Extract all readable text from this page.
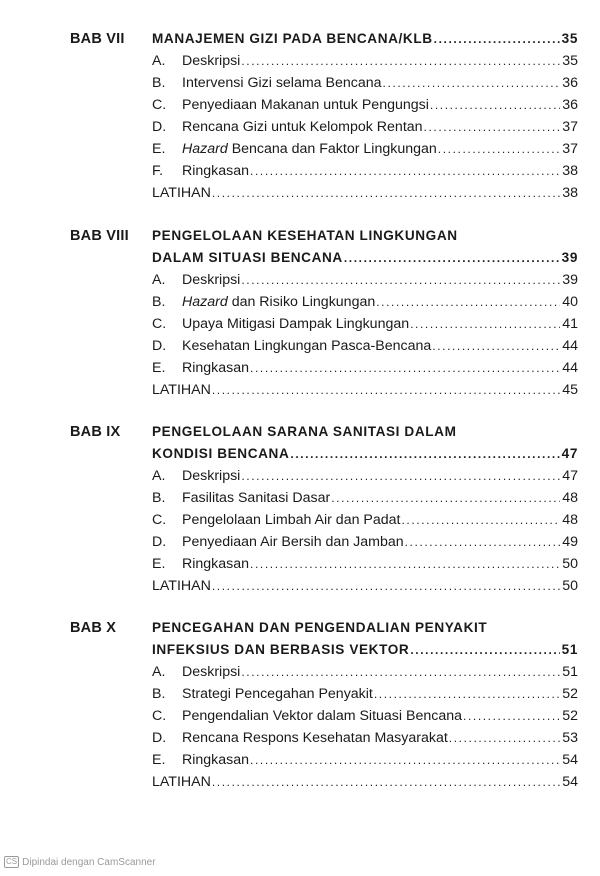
BAB VII MANAJEMEN GIZI PADA BENCANA/KLB .....	35
A.	Deskripsi .....	35
B.	Intervensi Gizi selama Bencana .....	36
C.	Penyediaan Makanan untuk Pengungsi .....	36
D.	Rencana Gizi untuk Kelompok Rentan .....	37
E.	Hazard Bencana dan Faktor Lingkungan .....	37
F.	Ringkasan .....	38
LATIHAN .....	38
BAB VIII PENGELOLAAN KESEHATAN LINGKUNGAN
DALAM SITUASI BENCANA .....	39
A.	Deskripsi .....	39
B.	Hazard dan Risiko Lingkungan .....	40
C.	Upaya Mitigasi Dampak Lingkungan .....	41
D.	Kesehatan Lingkungan Pasca-Bencana .....	44
E.	Ringkasan .....	44
LATIHAN .....	45
BAB IX PENGELOLAAN SARANA SANITASI DALAM
KONDISI BENCANA .....	47
A.	Deskripsi .....	47
B.	Fasilitas Sanitasi Dasar .....	48
C.	Pengelolaan Limbah Air dan Padat .....	48
D.	Penyediaan Air Bersih dan Jamban .....	49
E.	Ringkasan .....	50
LATIHAN .....	50
BAB X	PENCEGAHAN DAN PENGENDALIAN PENYAKIT
INFEKSIUS DAN BERBASIS VEKTOR .....	51
A.	Deskripsi .....	51
B.	Strategi Pencegahan Penyakit .....	52
C.	Pengendalian Vektor dalam Situasi Bencana .....	52
D.	Rencana Respons Kesehatan Masyarakat .....	53
E.	Ringkasan .....	54
LATIHAN .....	54
CS Dipindai dengan CamScanner
